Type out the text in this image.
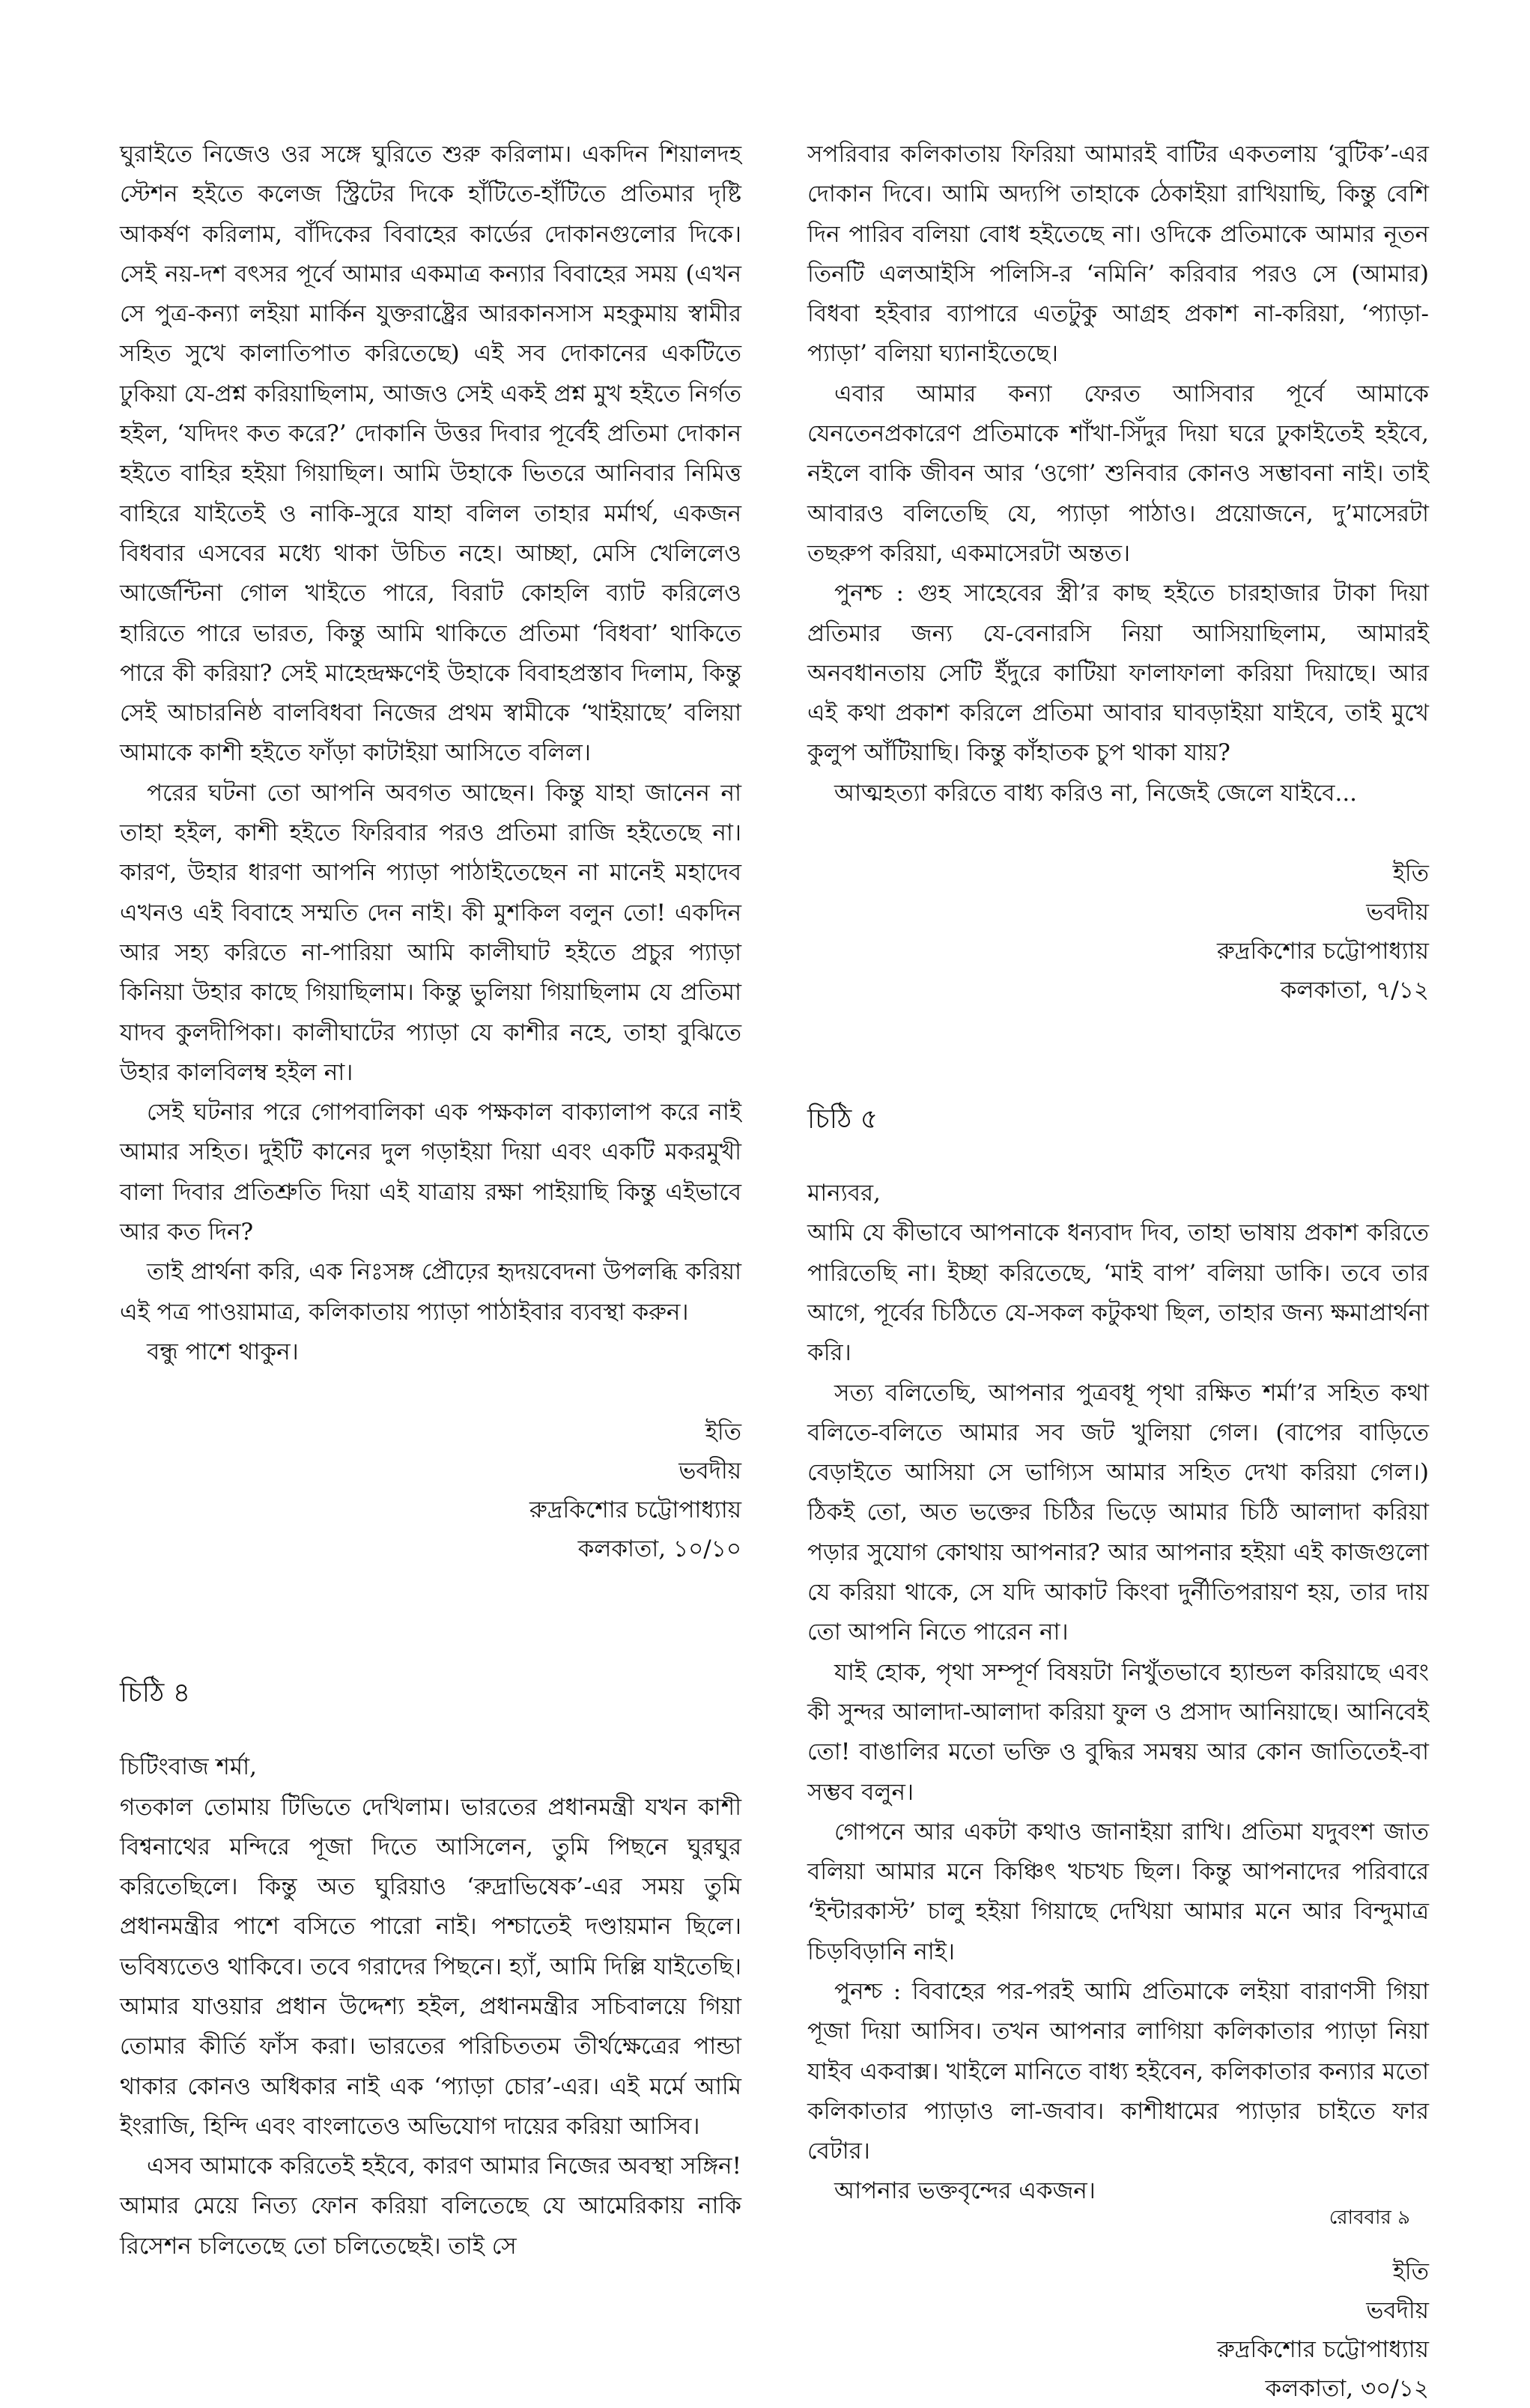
ঘুরাইতে নিজেও ওর সঙ্গে ঘুরিতে শুরু করিলাম। একদিন শিয়ালদহ স্টেশন হইতে কলেজ স্ট্রিটের দিকে হাঁটিতে-হাঁটিতে প্রতিমার দৃষ্টি আকর্ষণ করিলাম, বাঁদিকের বিবাহের কার্ডের দোকানগুলোর দিকে। সেই নয়-দশ বৎসর পূর্বে আমার একমাত্র কন্যার বিবাহের সময় (এখন সে পুত্র-কন্যা লইয়া মার্কিন যুক্তরাষ্ট্রের আরকানসাস মহকুমায় স্বামীর সহিত সুখে কালাতিপাত করিতেছে) এই সব দোকানের একটিতে ঢুকিয়া যে-প্রশ্ন করিয়াছিলাম, আজও সেই একই প্রশ্ন মুখ হইতে নির্গত হইল, ‘যদিদং কত করে?’ দোকানি উত্তর দিবার পূর্বেই প্রতিমা দোকান হইতে বাহির হইয়া গিয়াছিল। আমি উহাকে ভিতরে আনিবার নিমিত্ত বাহিরে যাইতেই ও নাকি-সুরে যাহা বলিল তাহার মর্মার্থ, একজন বিধবার এসবের মধ্যে থাকা উচিত নহে। আচ্ছা, মেসি খেলিলেও আর্জেন্টিনা গোল খাইতে পারে, বিরাট কোহলি ব্যাট করিলেও হারিতে পারে ভারত, কিন্তু আমি থাকিতে প্রতিমা ‘বিধবা’ থাকিতে পারে কী করিয়া? সেই মাহেন্দ্রক্ষণেই উহাকে বিবাহপ্রস্তাব দিলাম, কিন্তু সেই আচারনিষ্ঠ বালবিধবা নিজের প্রথম স্বামীকে ‘খাইয়াছে’ বলিয়া আমাকে কাশী হইতে ফাঁড়া কাটাইয়া আসিতে বলিল।

পরের ঘটনা তো আপনি অবগত আছেন। কিন্তু যাহা জানেন না তাহা হইল, কাশী হইতে ফিরিবার পরও প্রতিমা রাজি হইতেছে না। কারণ, উহার ধারণা আপনি প্যাড়া পাঠাইতেছেন না মানেই মহাদেব এখনও এই বিবাহে সম্মতি দেন নাই। কী মুশকিল বলুন তো! একদিন আর সহ্য করিতে না-পারিয়া আমি কালীঘাট হইতে প্রচুর প্যাড়া কিনিয়া উহার কাছে গিয়াছিলাম। কিন্তু ভুলিয়া গিয়াছিলাম যে প্রতিমা যাদব কুলদীপিকা। কালীঘাটের প্যাড়া যে কাশীর নহে, তাহা বুঝিতে উহার কালবিলম্ব হইল না।

সেই ঘটনার পরে গোপবালিকা এক পক্ষকাল বাক্যালাপ করে নাই আমার সহিত। দুইটি কানের দুল গড়াইয়া দিয়া এবং একটি মকরমুখী বালা দিবার প্রতিশ্রুতি দিয়া এই যাত্রায় রক্ষা পাইয়াছি কিন্তু এইভাবে আর কত দিন?

তাই প্রার্থনা করি, এক নিঃসঙ্গ প্রৌঢ়ের হৃদয়বেদনা উপলব্ধি করিয়া এই পত্র পাওয়ামাত্র, কলিকাতায় প্যাড়া পাঠাইবার ব্যবস্থা করুন।

বন্ধু পাশে থাকুন।

ইতি

ভবদীয়

রুদ্রকিশোর চট্টোপাধ্যায়

কলকাতা, ১০/১০

চিঠি ৪

চিটিংবাজ শর্মা,

গতকাল তোমায় টিভিতে দেখিলাম। ভারতের প্রধানমন্ত্রী যখন কাশী বিশ্বনাথের মন্দিরে পূজা দিতে আসিলেন, তুমি পিছনে ঘুরঘুর করিতেছিলে। কিন্তু অত ঘুরিয়াও ‘রুদ্রাভিষেক’-এর সময় তুমি প্রধানমন্ত্রীর পাশে বসিতে পারো নাই। পশ্চাতেই দণ্ডায়মান ছিলে। ভবিষ্যতেও থাকিবে। তবে গরাদের পিছনে। হ্যাঁ, আমি দিল্লি যাইতেছি। আমার যাওয়ার প্রধান উদ্দেশ্য হইল, প্রধানমন্ত্রীর সচিবালয়ে গিয়া তোমার কীর্তি ফাঁস করা। ভারতের পরিচিততম তীর্থক্ষেত্রের পান্ডা থাকার কোনও অধিকার নাই এক ‘প্যাড়া চোর’-এর। এই মর্মে আমি ইংরাজি, হিন্দি এবং বাংলাতেও অভিযোগ দায়ের করিয়া আসিব।

এসব আমাকে করিতেই হইবে, কারণ আমার নিজের অবস্থা সঙ্গিন! আমার মেয়ে নিত্য ফোন করিয়া বলিতেছে যে আমেরিকায় নাকি রিসেশন চলিতেছে তো চলিতেছেই। তাই সে

সপরিবার কলিকাতায় ফিরিয়া আমারই বাটির একতলায় ‘বুটিক’-এর দোকান দিবে। আমি অদ্যপি তাহাকে ঠেকাইয়া রাখিয়াছি, কিন্তু বেশি দিন পারিব বলিয়া বোধ হইতেছে না। ওদিকে প্রতিমাকে আমার নূতন তিনটি এলআইসি পলিসি-র ‘নমিনি’ করিবার পরও সে (আমার) বিধবা হইবার ব্যাপারে এতটুকু আগ্রহ প্রকাশ না-করিয়া, ‘প্যাড়া-প্যাড়া’ বলিয়া ঘ্যানাইতেছে।

এবার আমার কন্যা ফেরত আসিবার পূর্বে আমাকে যেনতেনপ্রকারেণ প্রতিমাকে শাঁখা-সিঁদুর দিয়া ঘরে ঢুকাইতেই হইবে, নইলে বাকি জীবন আর ‘ওগো’ শুনিবার কোনও সম্ভাবনা নাই। তাই আবারও বলিতেছি যে, প্যাড়া পাঠাও। প্রয়োজনে, দু’মাসেরটা তছরুপ করিয়া, একমাসেরটা অন্তত।

পুনশ্চ : গুহ সাহেবের স্ত্রী’র কাছ হইতে চারহাজার টাকা দিয়া প্রতিমার জন্য যে-বেনারসি নিয়া আসিয়াছিলাম, আমারই অনবধানতায় সেটি ইঁদুরে কাটিয়া ফালাফালা করিয়া দিয়াছে। আর এই কথা প্রকাশ করিলে প্রতিমা আবার ঘাবড়াইয়া যাইবে, তাই মুখে কুলুপ আঁটিয়াছি। কিন্তু কাঁহাতক চুপ থাকা যায়?

আত্মহত্যা করিতে বাধ্য করিও না, নিজেই জেলে যাইবে...

ইতি

ভবদীয়

রুদ্রকিশোর চট্টোপাধ্যায়

কলকাতা, ৭/১২

চিঠি ৫

মান্যবর,

আমি যে কীভাবে আপনাকে ধন্যবাদ দিব, তাহা ভাষায় প্রকাশ করিতে পারিতেছি না। ইচ্ছা করিতেছে, ‘মাই বাপ’ বলিয়া ডাকি। তবে তার আগে, পূর্বের চিঠিতে যে-সকল কটুকথা ছিল, তাহার জন্য ক্ষমাপ্রার্থনা করি।

সত্য বলিতেছি, আপনার পুত্রবধূ পৃথা রক্ষিত শর্মা’র সহিত কথা বলিতে-বলিতে আমার সব জট খুলিয়া গেল। (বাপের বাড়িতে বেড়াইতে আসিয়া সে ভাগ্যিস আমার সহিত দেখা করিয়া গেল।) ঠিকই তো, অত ভক্তের চিঠির ভিড়ে আমার চিঠি আলাদা করিয়া পড়ার সুযোগ কোথায় আপনার? আর আপনার হইয়া এই কাজগুলো যে করিয়া থাকে, সে যদি আকাট কিংবা দুর্নীতিপরায়ণ হয়, তার দায় তো আপনি নিতে পারেন না।

যাই হোক, পৃথা সম্পূর্ণ বিষয়টা নিখুঁতভাবে হ্যান্ডল করিয়াছে এবং কী সুন্দর আলাদা-আলাদা করিয়া ফুল ও প্রসাদ আনিয়াছে। আনিবেই তো! বাঙালির মতো ভক্তি ও বুদ্ধির সমন্বয় আর কোন জাতিতেই-বা সম্ভব বলুন।

গোপনে আর একটা কথাও জানাইয়া রাখি। প্রতিমা যদুবংশ জাত বলিয়া আমার মনে কিঞ্চিৎ খচখচ ছিল। কিন্তু আপনাদের পরিবারে ‘ইন্টারকাস্ট’ চালু হইয়া গিয়াছে দেখিয়া আমার মনে আর বিন্দুমাত্র চিড়বিড়ানি নাই।

পুনশ্চ : বিবাহের পর-পরই আমি প্রতিমাকে লইয়া বারাণসী গিয়া পূজা দিয়া আসিব। তখন আপনার লাগিয়া কলিকাতার প্যাড়া নিয়া যাইব একবাক্স। খাইলে মানিতে বাধ্য হইবেন, কলিকাতার কন্যার মতো কলিকাতার প্যাড়াও লা-জবাব। কাশীধামের প্যাড়ার চাইতে ফার বেটার।

আপনার ভক্তবৃন্দের একজন।

ইতি

ভবদীয়

রুদ্রকিশোর চট্টোপাধ্যায়

কলকাতা, ৩০/১২

রোববার ৯
